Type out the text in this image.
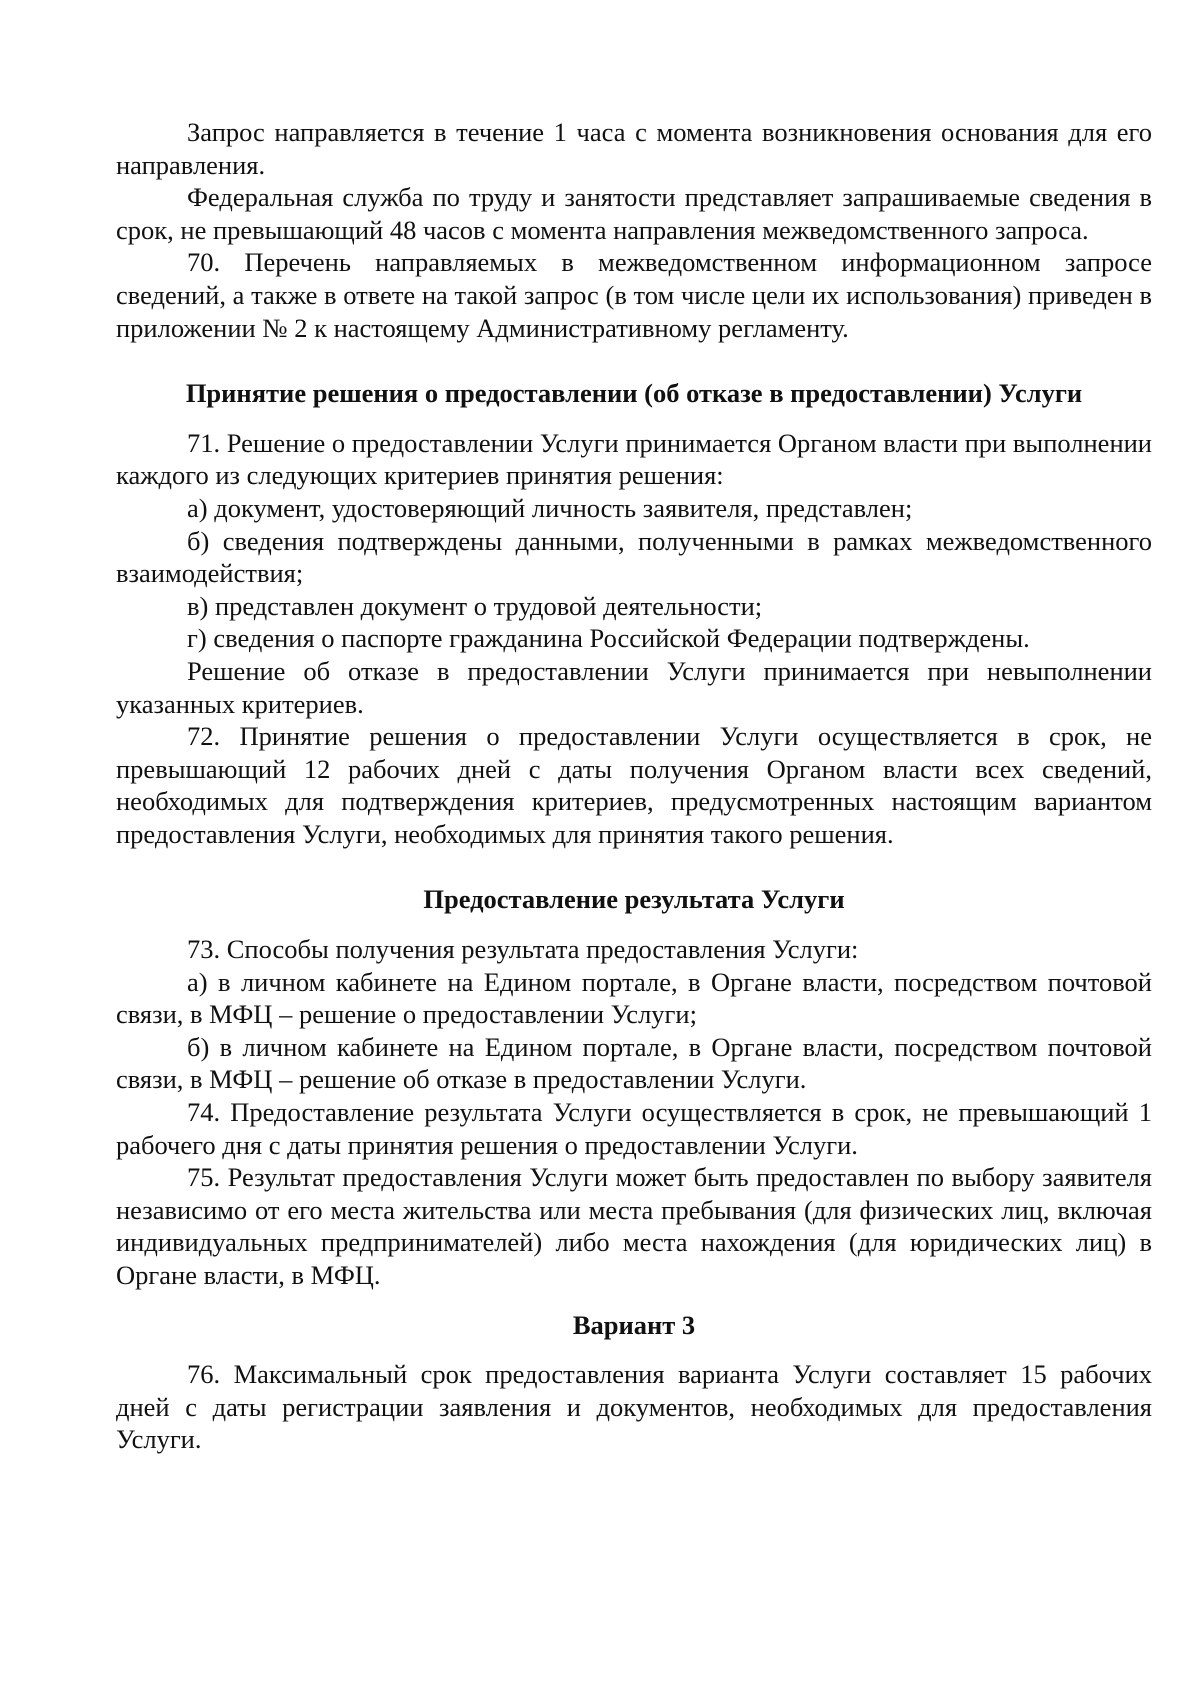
Запрос направляется в течение 1 часа с момента возникновения основания для его направления.

Федеральная служба по труду и занятости представляет запрашиваемые сведения в срок, не превышающий 48 часов с момента направления межведомственного запроса.

70. Перечень направляемых в межведомственном информационном запросе сведений, а также в ответе на такой запрос (в том числе цели их использования) приведен в приложении № 2 к настоящему Административному регламенту.

Принятие решения о предоставлении (об отказе в предоставлении) Услуги

71. Решение о предоставлении Услуги принимается Органом власти при выполнении каждого из следующих критериев принятия решения:

а) документ, удостоверяющий личность заявителя, представлен;

б) сведения подтверждены данными, полученными в рамках межведомственного взаимодействия;

в) представлен документ о трудовой деятельности;

г) сведения о паспорте гражданина Российской Федерации подтверждены.

Решение об отказе в предоставлении Услуги принимается при невыполнении указанных критериев.

72. Принятие решения о предоставлении Услуги осуществляется в срок, не превышающий 12 рабочих дней с даты получения Органом власти всех сведений, необходимых для подтверждения критериев, предусмотренных настоящим вариантом предоставления Услуги, необходимых для принятия такого решения.

Предоставление результата Услуги

73. Способы получения результата предоставления Услуги:

а) в личном кабинете на Едином портале, в Органе власти, посредством почтовой связи, в МФЦ – решение о предоставлении Услуги;

б) в личном кабинете на Едином портале, в Органе власти, посредством почтовой связи, в МФЦ – решение об отказе в предоставлении Услуги.

74. Предоставление результата Услуги осуществляется в срок, не превышающий 1 рабочего дня с даты принятия решения о предоставлении Услуги.

75. Результат предоставления Услуги может быть предоставлен по выбору заявителя независимо от его места жительства или места пребывания (для физических лиц, включая индивидуальных предпринимателей) либо места нахождения (для юридических лиц) в Органе власти, в МФЦ.

Вариант 3

76. Максимальный срок предоставления варианта Услуги составляет 15 рабочих дней с даты регистрации заявления и документов, необходимых для предоставления Услуги.
